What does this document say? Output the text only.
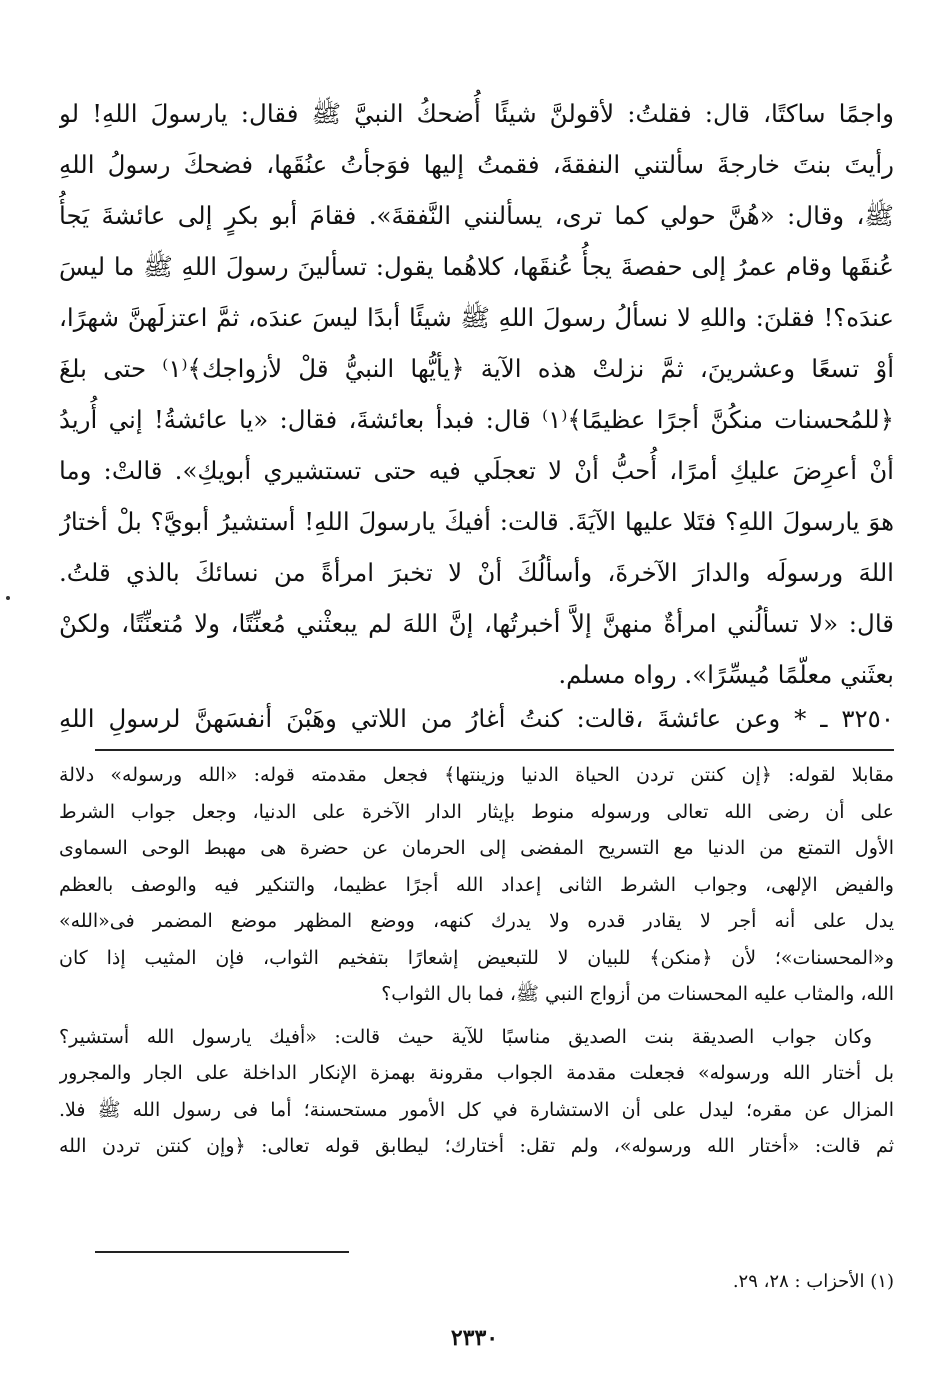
واجمًا ساكتًا، قال: فقلتُ: لأقولنَّ شيئًا أُضحكُ النبيَّ ﷺ فقال: يارسولَ اللهِ! لو
رأيتَ بنتَ خارجةَ سألتني النفقةَ، فقمتُ إليها فوَجأتُ عنُقَها، فضحكَ رسولُ اللهِ
ﷺ، وقال: «هُنَّ حولي كما ترى، يسألنني النَّفقةَ». فقامَ أبو بكرٍ إلى عائشةَ يَجأُ
عُنقَها وقام عمرُ إلى حفصةَ يجأُ عُنقَها، كلاهُما يقول: تسألينَ رسولَ اللهِ ﷺ ما ليسَ
عندَه؟! فقلنَ: واللهِ لا نسألُ رسولَ اللهِ ﷺ شيئًا أبدًا ليسَ عندَه، ثمَّ اعتزلَهنَّ شهرًا،
أوْ تسعًا وعشرينَ، ثمَّ نزلتْ هذه الآية ﴿يأيُّها النبيُّ قلْ لأزواجك﴾⁽١⁾ حتى بلغَ
﴿للمُحسنات منكُنَّ أجرًا عظيمًا﴾⁽١⁾ قال: فبدأ بعائشةَ، فقال: «يا عائشةُ! إني أُريدُ
أنْ أعرِضَ عليكِ أمرًا، أُحبُّ أنْ لا تعجلَي فيه حتى تستشيري أبويكِ». قالتْ: وما
هوَ يارسولَ اللهِ؟ فتَلا عليها الآيَةَ. قالت: أفيكَ يارسولَ اللهِ! أستشيرُ أبويَّ؟ بلْ أختارُ
اللهَ ورسولَه والدارَ الآخرةَ، وأسألُكَ أنْ لا تخبرَ امرأةً من نسائكَ بالذي قلتُ.
قال: «لا تسألُني امرأةٌ منهنَّ إلاَّ أخبرتُها، إنَّ اللهَ لم يبعثْني مُعنِّتًا، ولا مُتعنِّتًا، ولكنْ
بعثَني معلّمًا مُيسِّرًا». رواه مسلم.
٣٢٥٠ ـ * وعن عائشةَ ،قالت: كنتُ أغارُ من اللاتي وهَبْنَ أنفسَهنَّ لرسولِ اللهِ
مقابلا لقوله: ﴿إن كنتن تردن الحياة الدنيا وزينتها﴾ فجعل مقدمته قوله: «الله ورسوله» دلالة
على أن رضى الله تعالى ورسوله منوط بإيثار الدار الآخرة على الدنيا، وجعل جواب الشرط
الأول التمتع من الدنيا مع التسريح المفضى إلى الحرمان عن حضرة هى مهبط الوحى السماوى
والفيض الإلهى، وجواب الشرط الثانى إعداد الله أجرًا عظيما، والتنكير فيه والوصف بالعظم
يدل على أنه أجر لا يقادر قدره ولا يدرك كنهه، ووضع المظهر موضع المضمر فى«الله»
و«المحسنات»؛ لأن ﴿منكن﴾ للبيان لا للتبعيض إشعارًا بتفخيم الثواب، فإن المثيب إذا كان
الله، والمثاب عليه المحسنات من أزواج النبي ﷺ، فما بال الثواب؟
وكان جواب الصديقة بنت الصديق مناسبًا للآية حيث قالت: «أفيك يارسول الله أستشير؟
بل أختار الله ورسوله» فجعلت مقدمة الجواب مقرونة بهمزة الإنكار الداخلة على الجار والمجرور
المزال عن مقره؛ ليدل على أن الاستشارة في كل الأمور مستحسنة؛ أما فى رسول الله ﷺ فلا.
ثم قالت: «أختار الله ورسوله»، ولم تقل: أختارك؛ ليطابق قوله تعالى: ﴿وإن كنتن تردن الله
(١) الأحزاب : ٢٨، ٢٩.
٢٣٣٠
